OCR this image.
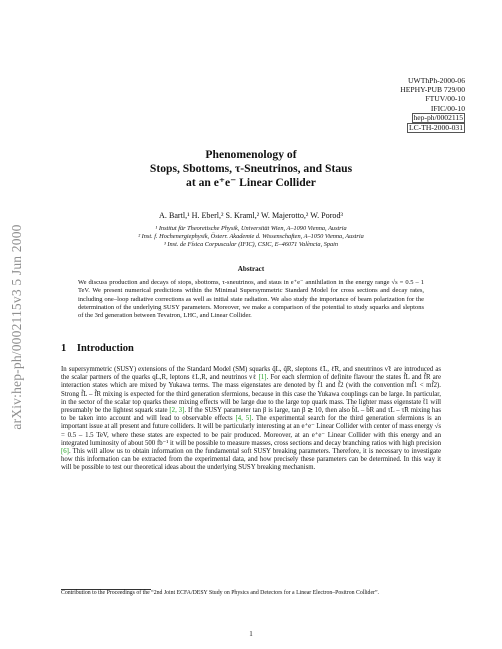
arXiv:hep-ph/0002115v3 5 Jun 2000
UWThPh-2000-06
HEPHY-PUB 729/00
FTUV/00-10
IFIC/00-10
hep-ph/0002115
LC-TH-2000-031
Phenomenology of
Stops, Sbottoms, τ-Sneutrinos, and Staus
at an e⁺e⁻ Linear Collider
A. Bartl,¹ H. Eberl,² S. Kraml,² W. Majerotto,² W. Porod³
¹ Institut für Theoretische Physik, Universität Wien, A–1090 Vienna, Austria
² Inst. f. Hochenergiephysik, Österr. Akademie d. Wissenschaften, A–1050 Vienna, Austria
³ Inst. de Física Corpuscular (IFIC), CSIC, E–46071 València, Spain
Abstract
We discuss production and decays of stops, sbottoms, τ-sneutrinos, and staus in e⁺e⁻ annihilation in the energy range √s = 0.5 – 1 TeV. We present numerical predictions within the Minimal Supersymmetric Standard Model for cross sections and decay rates, including one–loop radiative corrections as well as initial state radiation. We also study the importance of beam polarization for the determination of the underlying SUSY parameters. Moreover, we make a comparison of the potential to study squarks and sleptons of the 3rd generation between Tevatron, LHC, and Linear Collider.
1 Introduction
In supersymmetric (SUSY) extensions of the Standard Model (SM) squarks q̃L, q̃R, sleptons ℓ̃L, ℓ̃R, and sneutrinos ν̃ℓ are introduced as the scalar partners of the quarks qL,R, leptons ℓL,R, and neutrinos νℓ [1]. For each sfermion of definite flavour the states f̃L and f̃R are interaction states which are mixed by Yukawa terms. The mass eigenstates are denoted by f̃1 and f̃2 (with the convention mf̃1 < mf̃2). Strong f̃L – f̃R mixing is expected for the third generation sfermions, because in this case the Yukawa couplings can be large. In particular, in the sector of the scalar top quarks these mixing effects will be large due to the large top quark mass. The lighter mass eigenstate t̃1 will presumably be the lightest squark state [2, 3]. If the SUSY parameter tan β is large, tan β ≳ 10, then also b̃L – b̃R and τ̃L – τ̃R mixing has to be taken into account and will lead to observable effects [4, 5]. The experimental search for the third generation sfermions is an important issue at all present and future colliders. It will be particularly interesting at an e⁺e⁻ Linear Collider with center of mass energy √s = 0.5 – 1.5 TeV, where these states are expected to be pair produced. Moreover, at an e⁺e⁻ Linear Collider with this energy and an integrated luminosity of about 500 fb⁻¹ it will be possible to measure masses, cross sections and decay branching ratios with high precision [6]. This will allow us to obtain information on the fundamental soft SUSY breaking parameters. Therefore, it is necessary to investigate how this information can be extracted from the experimental data, and how precisely these parameters can be determined. In this way it will be possible to test our theoretical ideas about the underlying SUSY breaking mechanism.
Contribution to the Proceedings of the “2nd Joint ECFA/DESY Study on Physics and Detectors for a Linear Electron–Positron Collider”.
1
